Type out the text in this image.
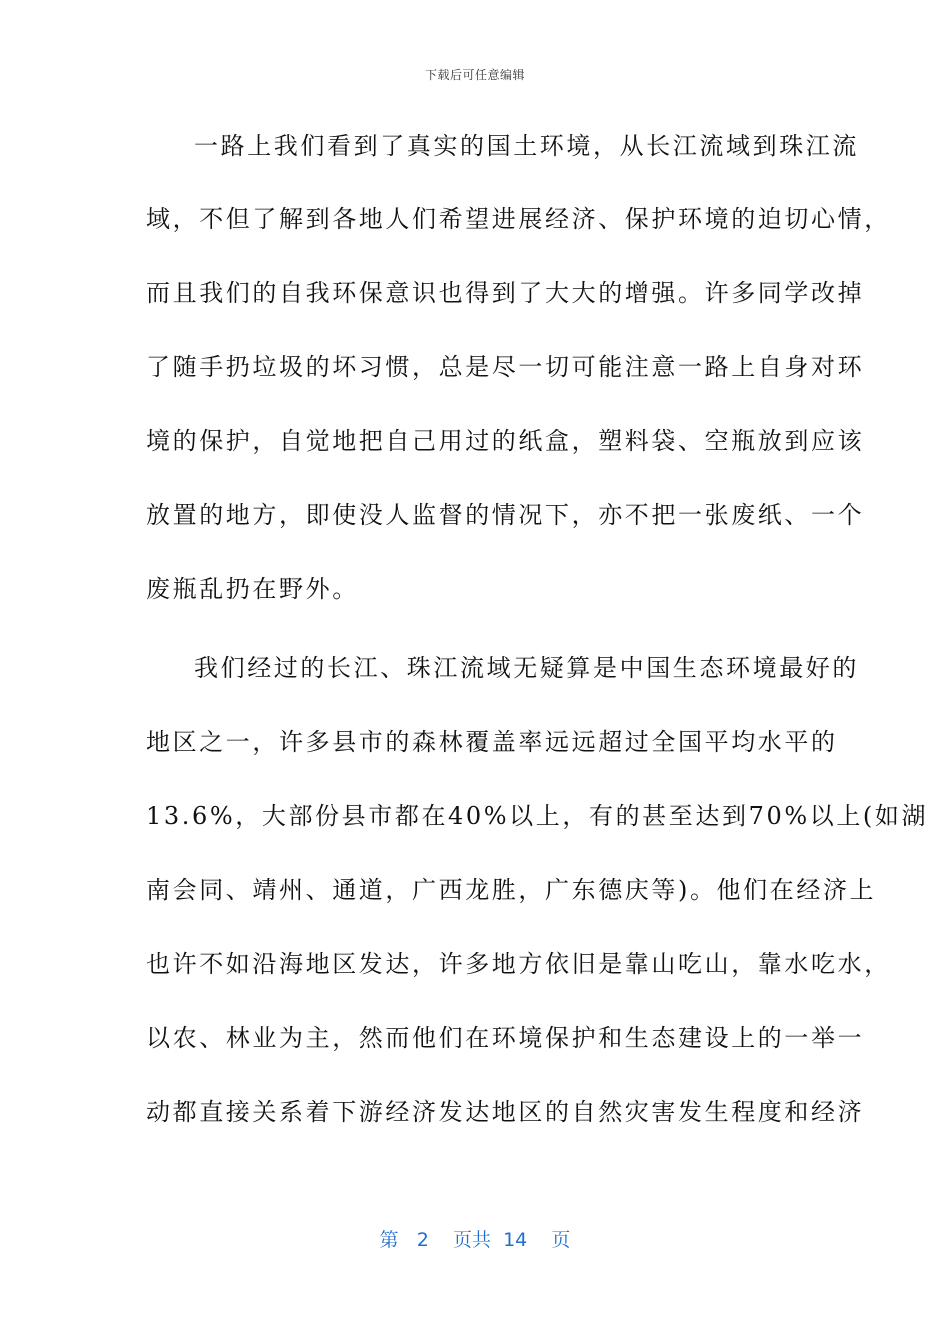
下载后可任意编辑
一路上我们看到了真实的国土环境，从长江流域到珠江流
域，不但了解到各地人们希望进展经济、保护环境的迫切心情，
而且我们的自我环保意识也得到了大大的增强。许多同学改掉
了随手扔垃圾的坏习惯，总是尽一切可能注意一路上自身对环
境的保护，自觉地把自己用过的纸盒，塑料袋、空瓶放到应该
放置的地方，即使没人监督的情况下，亦不把一张废纸、一个
废瓶乱扔在野外。
我们经过的长江、珠江流域无疑算是中国生态环境最好的
地区之一，许多县市的森林覆盖率远远超过全国平均水平的
13.6%，大部份县市都在40%以上，有的甚至达到70%以上(如湖
南会同、靖州、通道，广西龙胜，广东德庆等)。他们在经济上
也许不如沿海地区发达，许多地方依旧是靠山吃山，靠水吃水，
以农、林业为主，然而他们在环境保护和生态建设上的一举一
动都直接关系着下游经济发达地区的自然灾害发生程度和经济
第 2 页共 14 页
